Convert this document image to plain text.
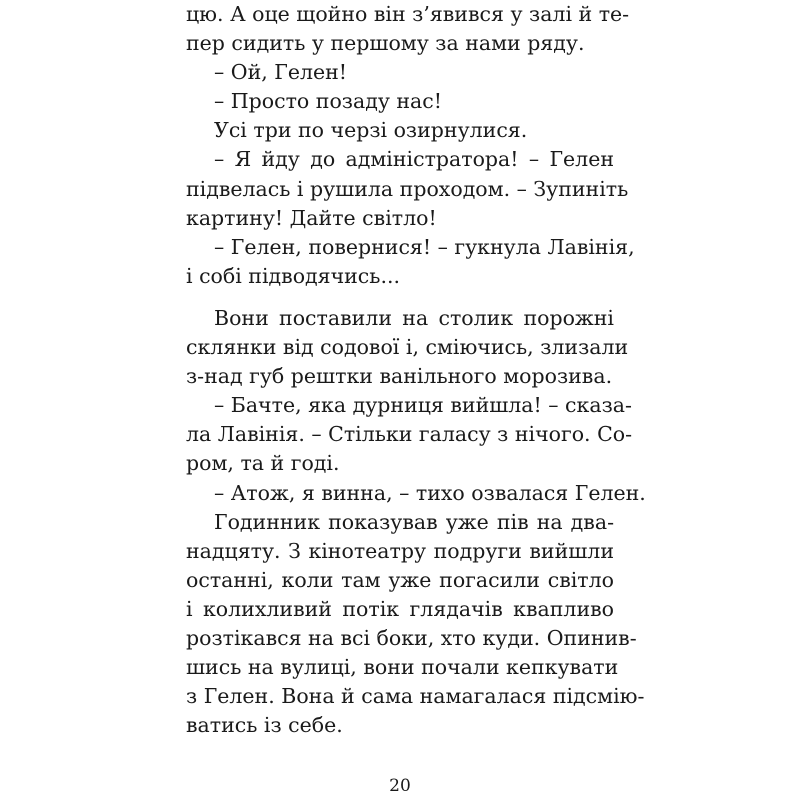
цю. А оце щойно він з’явився у залі й те-
пер сидить у першому за нами ряду.
– Ой, Гелен!
– Просто позаду нас!
Усі три по черзі озирнулися.
– Я йду до адміністратора! – Гелен
підвелась і рушила проходом. – Зупиніть
картину! Дайте світло!
– Гелен, повернися! – гукнула Лавінія,
і собі підводячись...
Вони поставили на столик порожні
склянки від содової і, сміючись, злизали
з-над губ рештки ванільного морозива.
– Бачте, яка дурниця вийшла! – сказа-
ла Лавінія. – Стільки галасу з нічого. Со-
ром, та й годі.
– Атож, я винна, – тихо озвалася Гелен.
Годинник показував уже пів на два-
надцяту. З кінотеатру подруги вийшли
останні, коли там уже погасили світло
і колихливий потік глядачів квапливо
розтікався на всі боки, хто куди. Опинив-
шись на вулиці, вони почали кепкувати
з Гелен. Вона й сама намагалася підсмію-
ватись із себе.
20
